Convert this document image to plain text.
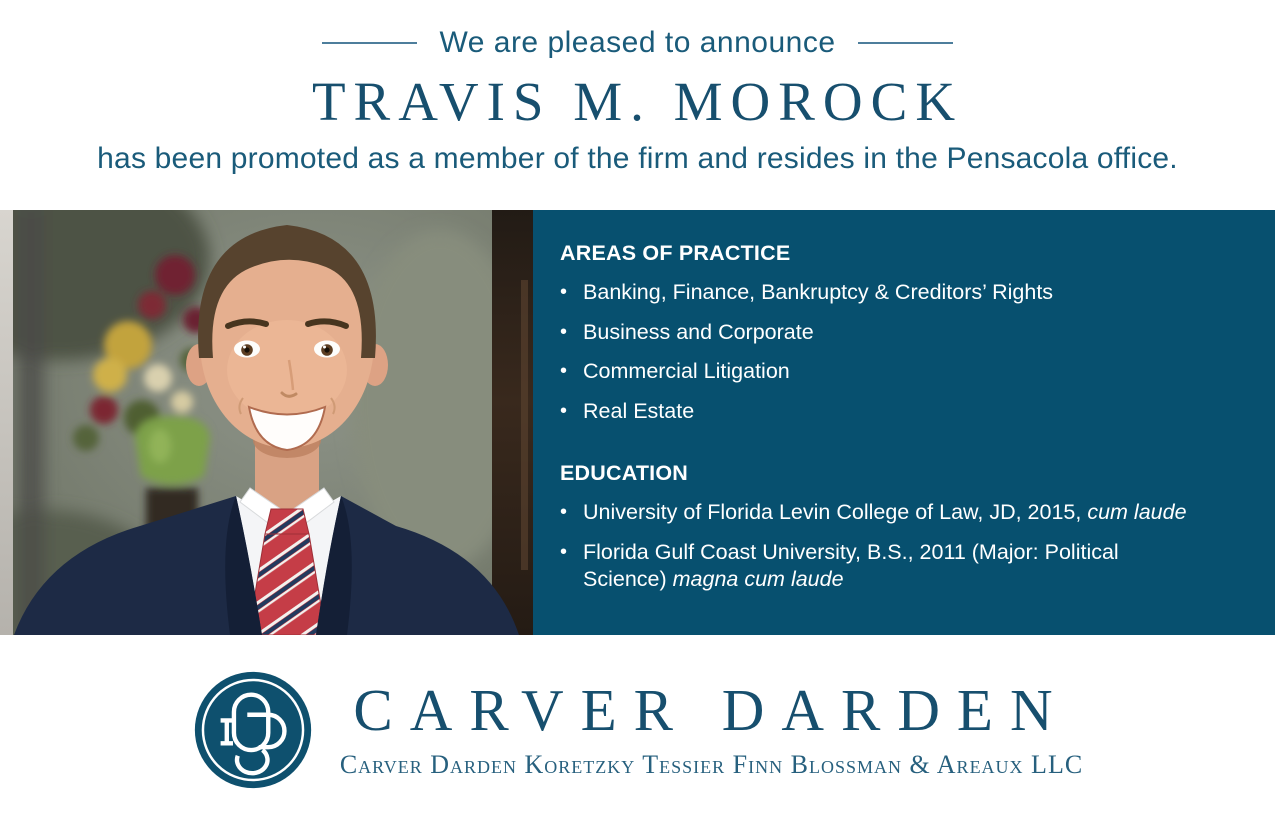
We are pleased to announce
TRAVIS M. MOROCK

has been promoted as a member of the firm and resides in the Pensacola office.

AREAS OF PRACTICE
• Banking, Finance, Bankruptcy & Creditors’ Rights
• Business and Corporate
• Commercial Litigation
• Real Estate
EDUCATION
• University of Florida Levin College of Law, JD, 2015, cum laude
• Florida Gulf Coast University, B.S., 2011 (Major: Political Science) magna cum laude
CARVER DARDEN
Carver Darden Koretzky Tessier Finn Blossman & Areaux LLC
